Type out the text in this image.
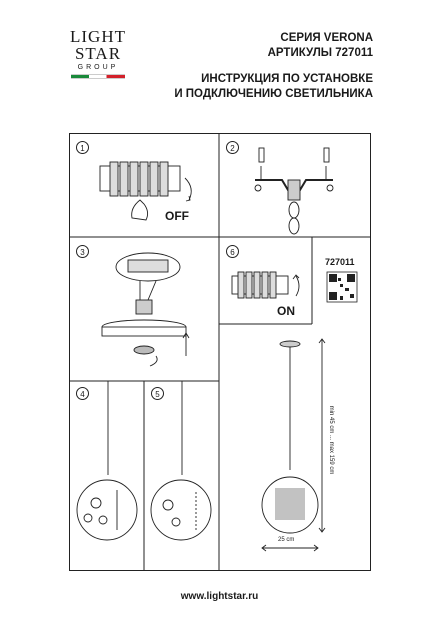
LIGHT
STAR
GROUP
СЕРИЯ VERONA
АРТИКУЛЫ 727011
ИНСТРУКЦИЯ ПО УСТАНОВКЕ
И ПОДКЛЮЧЕНИЮ СВЕТИЛЬНИКА
1	2
3
4	5
6
OFF
ON
727011
min 45 cm ... max 159 cm
25 cm
www.lightstar.ru
